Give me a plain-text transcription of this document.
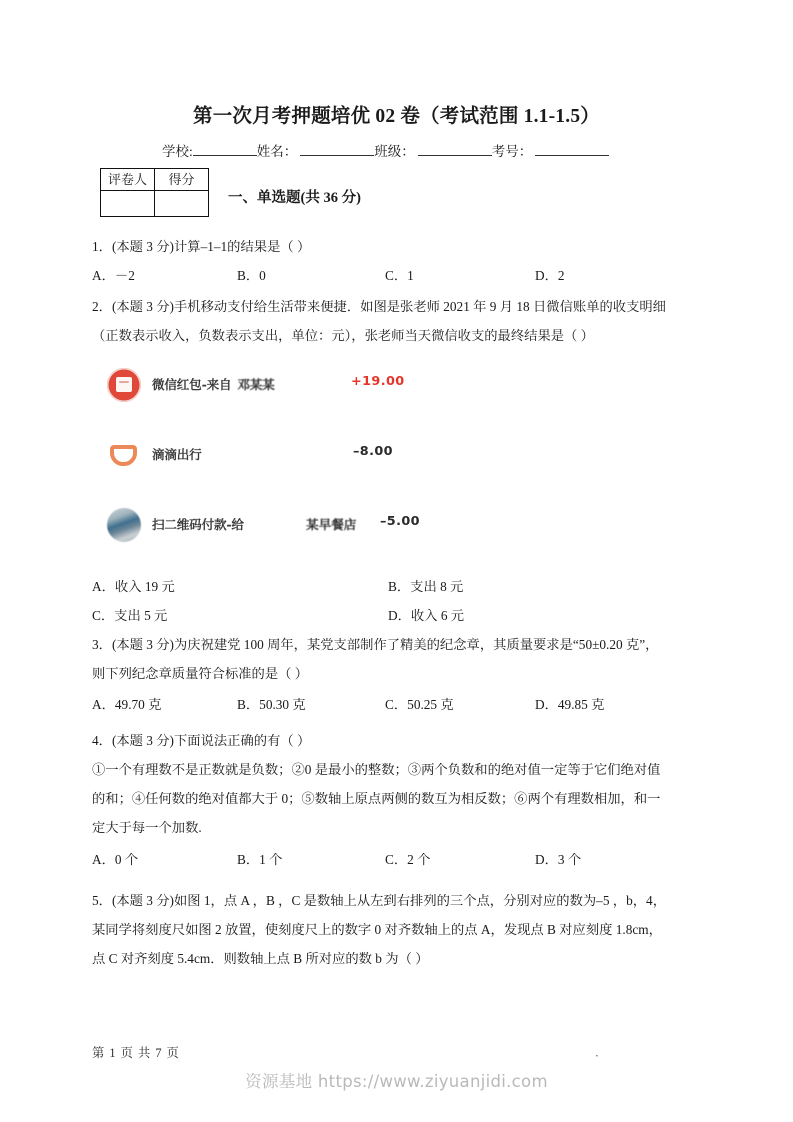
第一次月考押题培优 02 卷（考试范围 1.1-1.5）
学校:	姓名：	班级：	考号：
评卷人	得分

一、单选题(共 36 分)
1．(本题 3 分)计算–1–1的结果是（ ）
A．－2	B．0	C．1	D．2
2．(本题 3 分)手机移动支付给生活带来便捷．如图是张老师 2021 年 9 月 18 日微信账单的收支明细
（正数表示收入，负数表示支出，单位：元），张老师当天微信收支的最终结果是（ ）
微信红包-来自 邓某某	+19.00
滴滴出行	–8.00
扫二维码付款-给	某早餐店 –5.00
A．收入 19 元	B．支出 8 元
C．支出 5 元	D．收入 6 元
3．(本题 3 分)为庆祝建党 100 周年，某党支部制作了精美的纪念章，其质量要求是“50±0.20 克”，
则下列纪念章质量符合标准的是（ ）
A．49.70 克	B．50.30 克	C．50.25 克	D．49.85 克
4．(本题 3 分)下面说法正确的有（ ）
①一个有理数不是正数就是负数；②0 是最小的整数；③两个负数和的绝对值一定等于它们绝对值
的和；④任何数的绝对值都大于 0；⑤数轴上原点两侧的数互为相反数；⑥两个有理数相加，和一
定大于每一个加数.
A．0 个	B．1 个	C．2 个	D．3 个
5．(本题 3 分)如图 1，点 A ，B ，C 是数轴上从左到右排列的三个点，分别对应的数为–5 ，b，4，
某同学将刻度尺如图 2 放置，使刻度尺上的数字 0 对齐数轴上的点 A，发现点 B 对应刻度 1.8cm，
点 C 对齐刻度 5.4cm．则数轴上点 B 所对应的数 b 为（ ）
第 1 页 共 7 页	．
资源基地 https://www.ziyuanjidi.com
